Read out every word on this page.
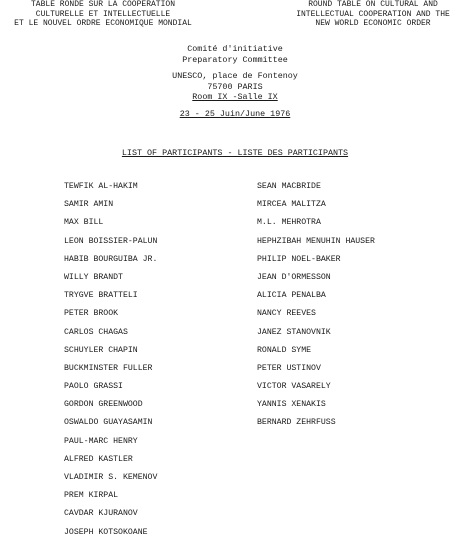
TABLE RONDE SUR LA COOPERATION
CULTURELLE ET INTELLECTUELLE
ET LE NOUVEL ORDRE ECONOMIQUE MONDIAL
ROUND TABLE ON CULTURAL AND
INTELLECTUAL COOPERATION AND THE
NEW WORLD ECONOMIC ORDER
Comité d'initiative
Preparatory Committee
UNESCO, place de Fontenoy
75700 PARIS
Room IX -Salle IX
23 - 25 Juin/June 1976
LIST OF PARTICIPANTS - LISTE DES PARTICIPANTS
TEWFIK AL-HAKIM
SAMIR AMIN
MAX BILL
LEON BOISSIER-PALUN
HABIB BOURGUIBA JR.
WILLY BRANDT
TRYGVE BRATTELI
PETER BROOK
CARLOS CHAGAS
SCHUYLER CHAPIN
BUCKMINSTER FULLER
PAOLO GRASSI
GORDON GREENWOOD
OSWALDO GUAYASAMIN
PAUL-MARC HENRY
ALFRED KASTLER
VLADIMIR S. KEMENOV
PREM KIRPAL
CAVDAR KJURANOV
JOSEPH KOTSOKOANE
SEAN MACBRIDE
MIRCEA MALITZA
M.L. MEHROTRA
HEPHZIBAH MENUHIN HAUSER
PHILIP NOEL-BAKER
JEAN D'ORMESSON
ALICIA PENALBA
NANCY REEVES
JANEZ STANOVNIK
RONALD SYME
PETER USTINOV
VICTOR VASARELY
YANNIS XENAKIS
BERNARD ZEHRFUSS
